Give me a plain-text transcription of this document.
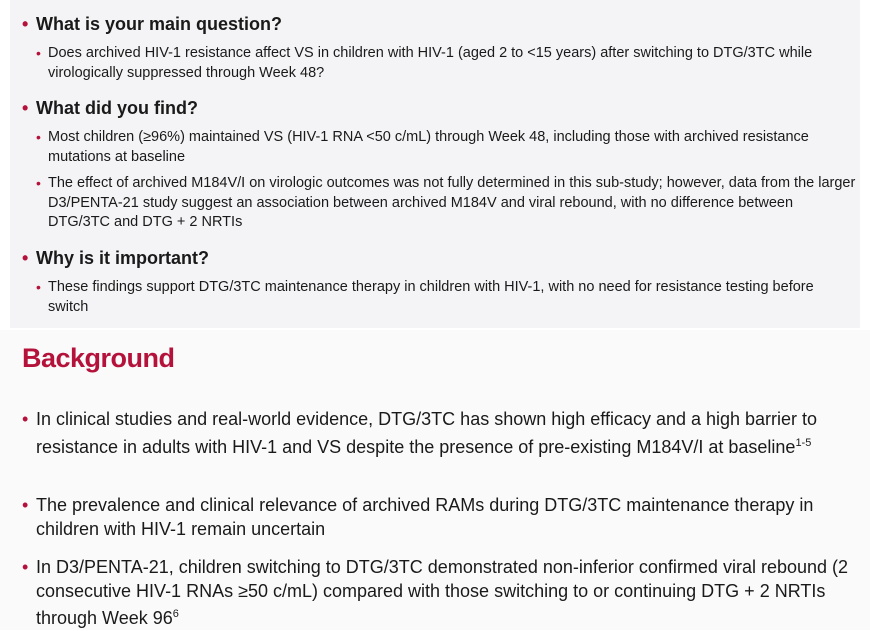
• What is your main question?
• Does archived HIV-1 resistance affect VS in children with HIV-1 (aged 2 to <15 years) after switching to DTG/3TC while virologically suppressed through Week 48?
• What did you find?
• Most children (≥96%) maintained VS (HIV-1 RNA <50 c/mL) through Week 48, including those with archived resistance mutations at baseline
• The effect of archived M184V/I on virologic outcomes was not fully determined in this sub-study; however, data from the larger D3/PENTA-21 study suggest an association between archived M184V and viral rebound, with no difference between DTG/3TC and DTG + 2 NRTIs
• Why is it important?
• These findings support DTG/3TC maintenance therapy in children with HIV-1, with no need for resistance testing before switch
Background
• In clinical studies and real-world evidence, DTG/3TC has shown high efficacy and a high barrier to resistance in adults with HIV-1 and VS despite the presence of pre-existing M184V/I at baseline$^{1-5}$
• The prevalence and clinical relevance of archived RAMs during DTG/3TC maintenance therapy in children with HIV-1 remain uncertain
• In D3/PENTA-21, children switching to DTG/3TC demonstrated non-inferior confirmed viral rebound (2 consecutive HIV-1 RNAs ≥50 c/mL) compared with those switching to or continuing DTG + 2 NRTIs through Week $96^6$
